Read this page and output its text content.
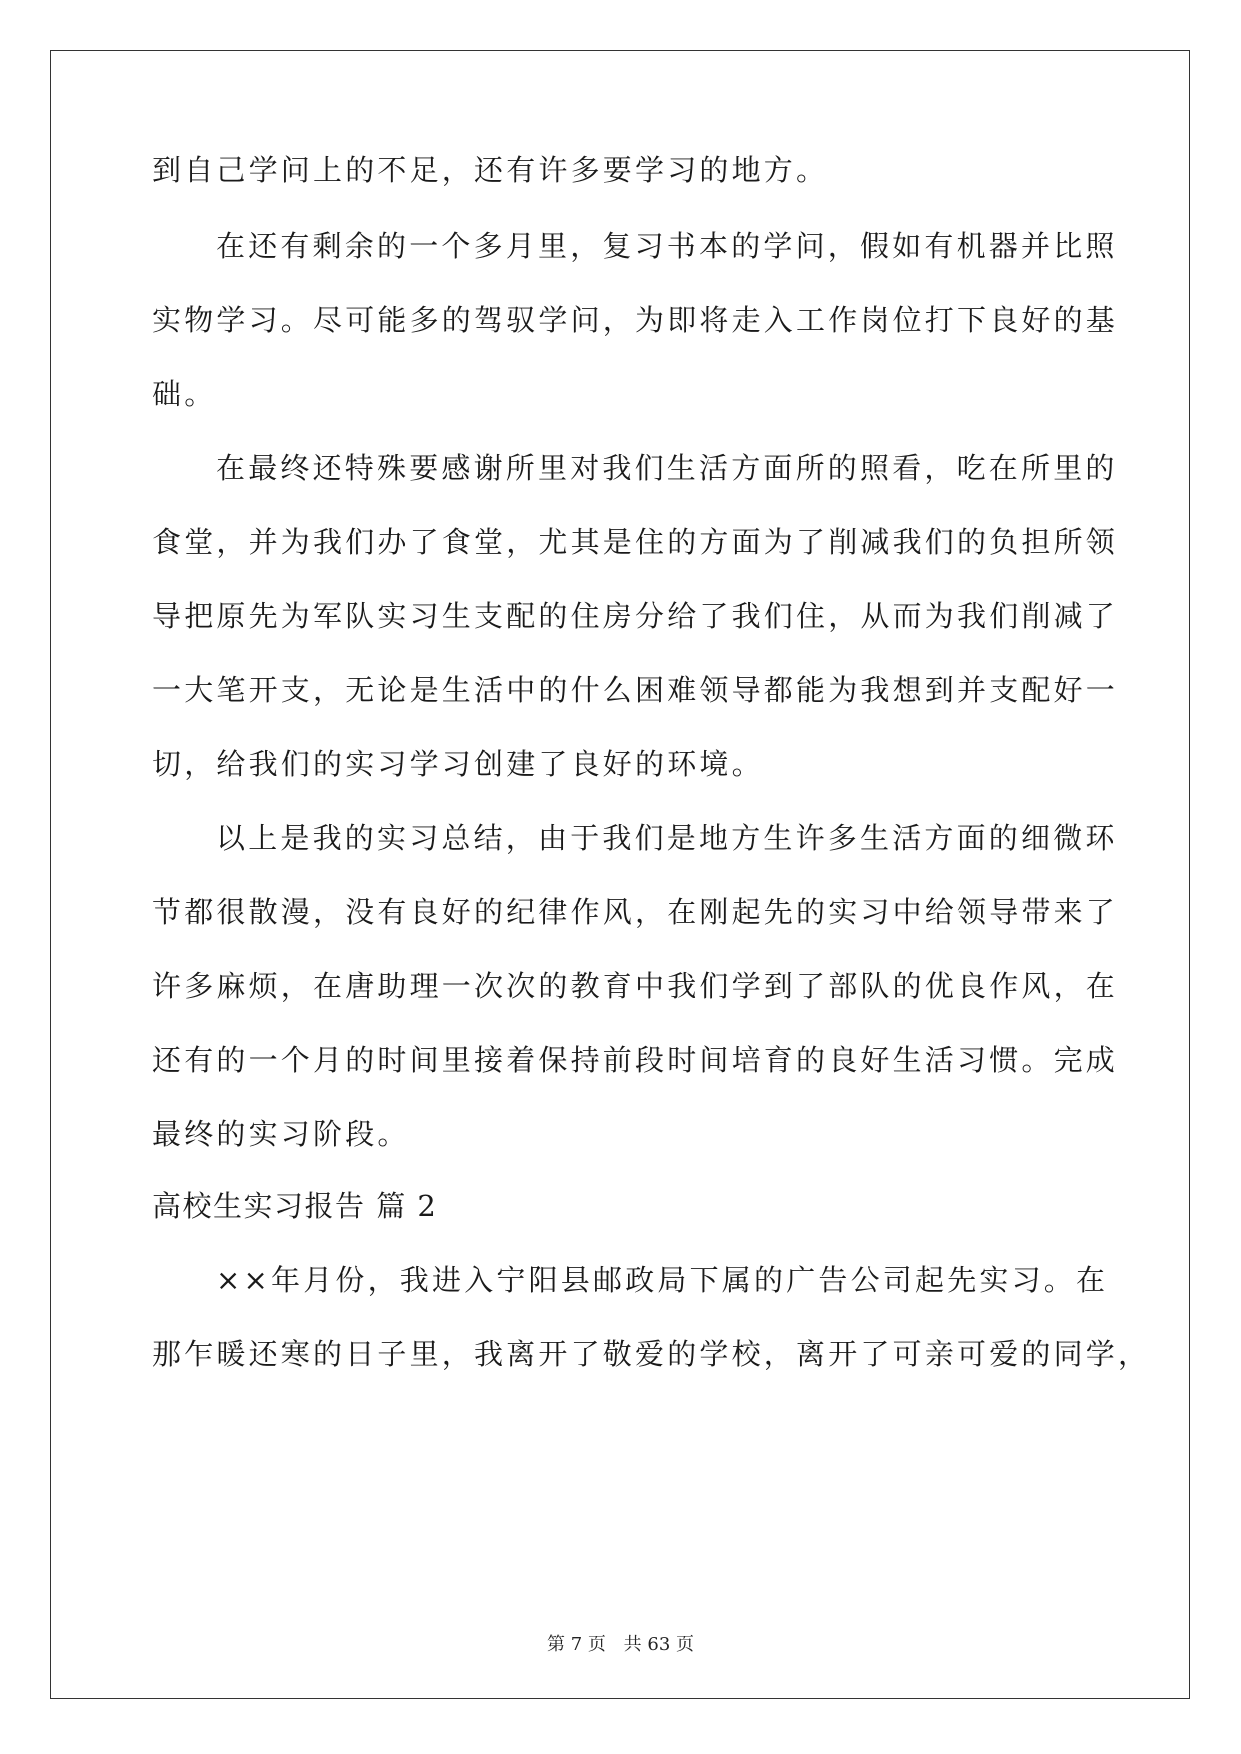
到自己学问上的不足，还有许多要学习的地方。
在还有剩余的一个多月里，复习书本的学问，假如有机器并比照
实物学习。尽可能多的驾驭学问，为即将走入工作岗位打下良好的基
础。
在最终还特殊要感谢所里对我们生活方面所的照看，吃在所里的
食堂，并为我们办了食堂，尤其是住的方面为了削减我们的负担所领
导把原先为军队实习生支配的住房分给了我们住，从而为我们削减了
一大笔开支，无论是生活中的什么困难领导都能为我想到并支配好一
切，给我们的实习学习创建了良好的环境。
以上是我的实习总结，由于我们是地方生许多生活方面的细微环
节都很散漫，没有良好的纪律作风，在刚起先的实习中给领导带来了
许多麻烦，在唐助理一次次的教育中我们学到了部队的优良作风，在
还有的一个月的时间里接着保持前段时间培育的良好生活习惯。完成
最终的实习阶段。
高校生实习报告 篇 2
××年月份，我进入宁阳县邮政局下属的广告公司起先实习。在
那乍暖还寒的日子里，我离开了敬爱的学校，离开了可亲可爱的同学，
第 7 页 共 63 页
